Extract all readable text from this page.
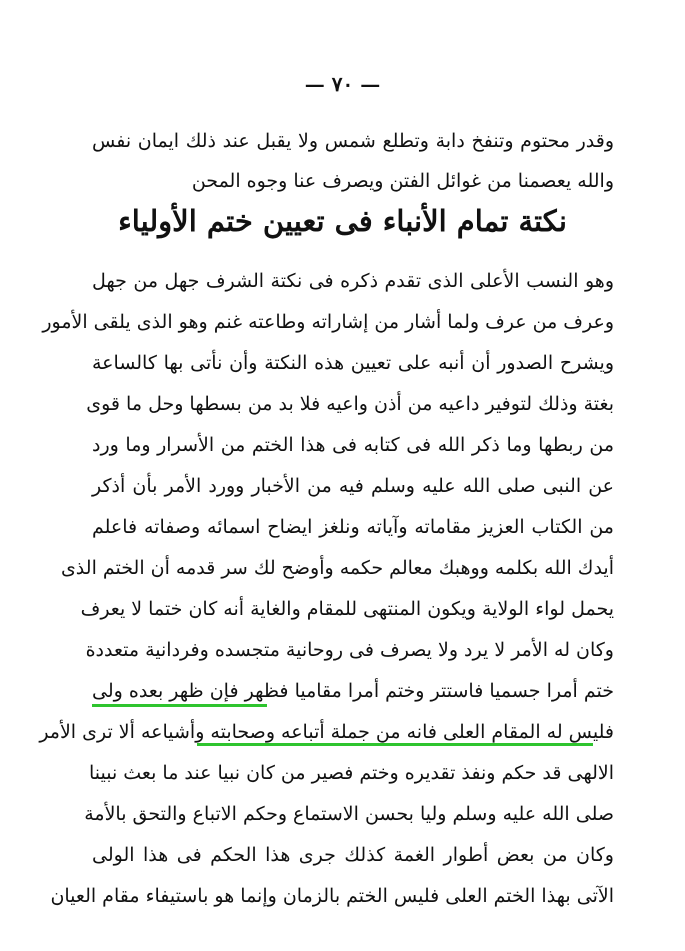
— ٧٠ —
وقدر محتوم وتنفخ دابة وتطلع شمس ولا يقبل عند ذلك ايمان نفس
والله يعصمنا من غوائل الفتن ويصرف عنا وجوه المحن
نكتة تمام الأنباء فى تعيين ختم الأولياء
وهو النسب الأعلى الذى تقدم ذكره فى نكتة الشرف جهل من جهل
وعرف من عرف ولما أشار من إشاراته وطاعته غنم وهو الذى يلقى الأمور
ويشرح الصدور أن أنبه على تعيين هذه النكتة وأن نأتى بها كالساعة
بغتة وذلك لتوفير داعيه من أذن واعيه فلا بد من بسطها وحل ما قوى
من ربطها وما ذكر الله فى كتابه فى هذا الختم من الأسرار وما ورد
عن النبى صلى الله عليه وسلم فيه من الأخبار وورد الأمر بأن أذكر
من الكتاب العزيز مقاماته وآياته ونلغز ايضاح اسمائه وصفاته فاعلم
أيدك الله بكلمه ووهبك معالم حكمه وأوضح لك سر قدمه أن الختم الذى
يحمل لواء الولاية ويكون المنتهى للمقام والغاية أنه كان ختما لا يعرف
وكان له الأمر لا يرد ولا يصرف فى روحانية متجسده وفردانية متعددة
ختم أمرا جسميا فاستتر وختم أمرا مقاميا فظهر فإن ظهر بعده ولى
فليس له المقام العلى فانه من جملة أتباعه وصحابته وأشياعه ألا ترى الأمر
الالهى قد حكم ونفذ تقديره وختم فصير من كان نبيا عند ما بعث نبينا
صلى الله عليه وسلم وليا بحسن الاستماع وحكم الاتباع والتحق بالأمة
وكان من بعض أطوار الغمة كذلك جرى هذا الحكم فى هذا الولى
الآتى بهذا الختم العلى فليس الختم بالزمان وإنما هو باستيفاء مقام العيان
